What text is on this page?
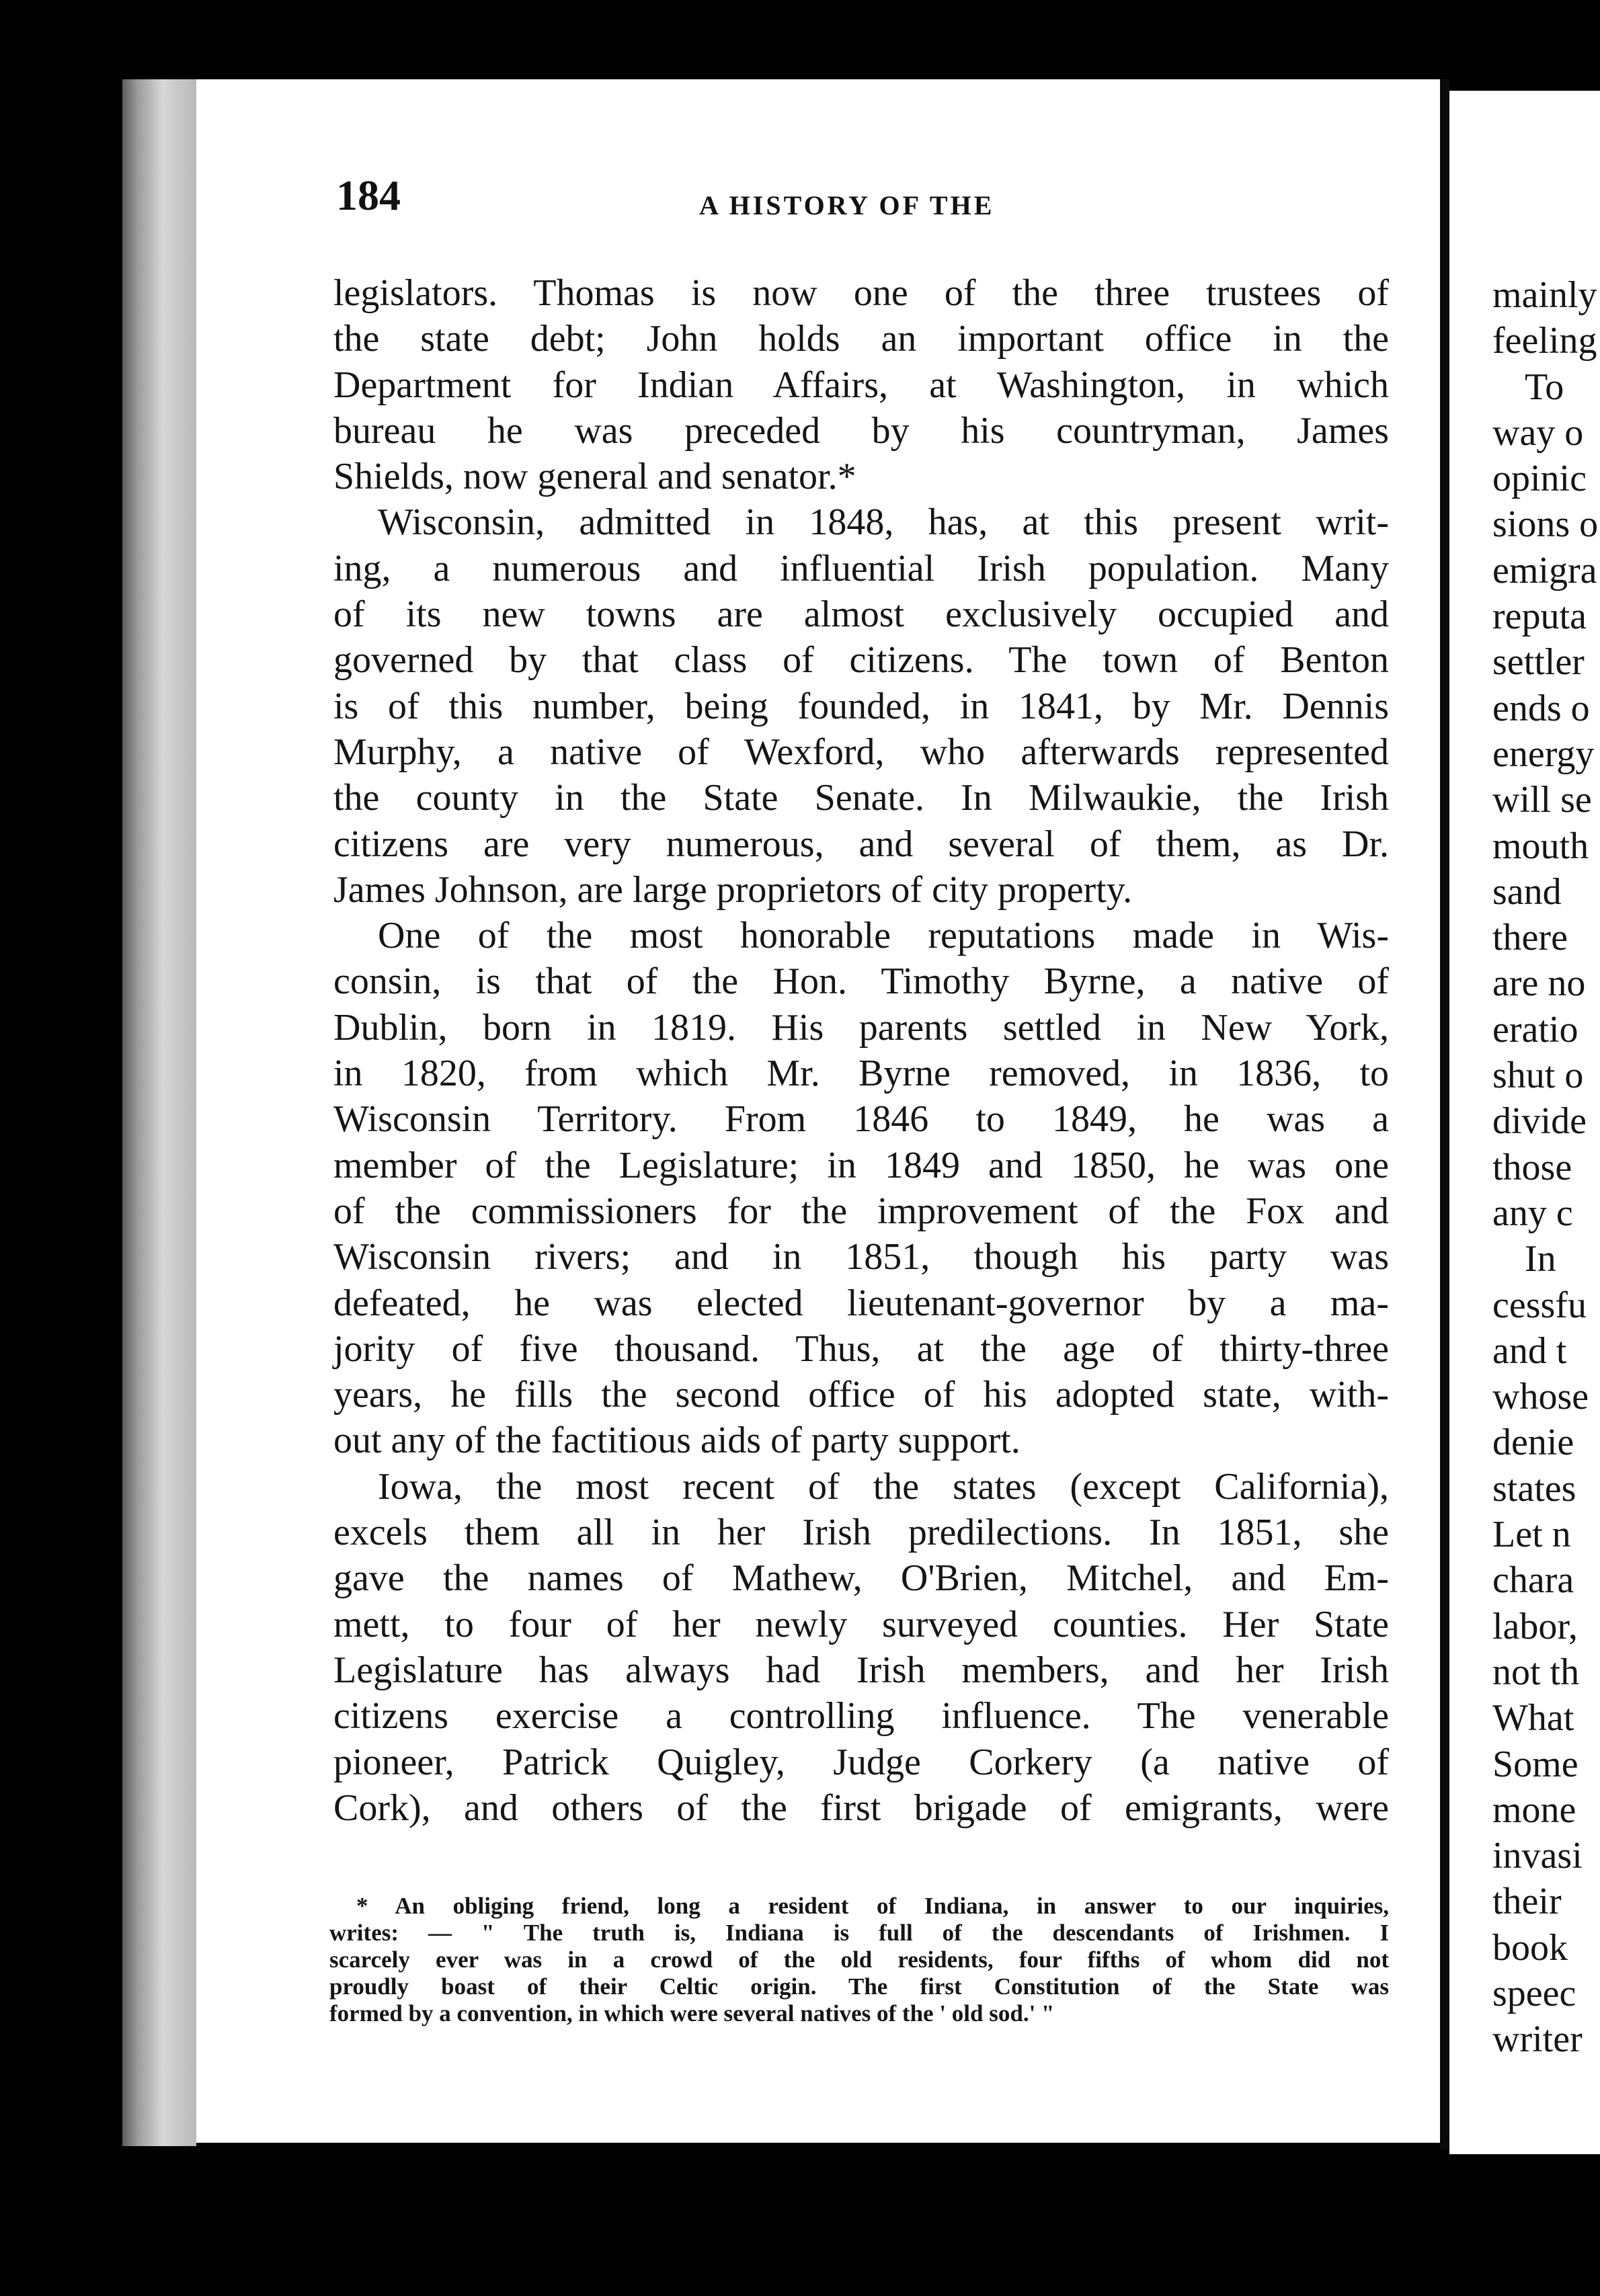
184	A HISTORY OF THE
legislators. Thomas is now one of the three trustees of
the state debt; John holds an important office in the
Department for Indian Affairs, at Washington, in which
bureau he was preceded by his countryman, James
Shields, now general and senator.*
Wisconsin, admitted in 1848, has, at this present writ-
ing, a numerous and influential Irish population. Many
of its new towns are almost exclusively occupied and
governed by that class of citizens. The town of Benton
is of this number, being founded, in 1841, by Mr. Dennis
Murphy, a native of Wexford, who afterwards represented
the county in the State Senate. In Milwaukie, the Irish
citizens are very numerous, and several of them, as Dr.
James Johnson, are large proprietors of city property.
One of the most honorable reputations made in Wis-
consin, is that of the Hon. Timothy Byrne, a native of
Dublin, born in 1819. His parents settled in New York,
in 1820, from which Mr. Byrne removed, in 1836, to
Wisconsin Territory. From 1846 to 1849, he was a
member of the Legislature; in 1849 and 1850, he was one
of the commissioners for the improvement of the Fox and
Wisconsin rivers; and in 1851, though his party was
defeated, he was elected lieutenant-governor by a ma-
jority of five thousand. Thus, at the age of thirty-three
years, he fills the second office of his adopted state, with-
out any of the factitious aids of party support.
Iowa, the most recent of the states (except California),
excels them all in her Irish predilections. In 1851, she
gave the names of Mathew, O'Brien, Mitchel, and Em-
mett, to four of her newly surveyed counties. Her State
Legislature has always had Irish members, and her Irish
citizens exercise a controlling influence. The venerable
pioneer, Patrick Quigley, Judge Corkery (a native of
Cork), and others of the first brigade of emigrants, were
* An obliging friend, long a resident of Indiana, in answer to our inquiries,
writes: — " The truth is, Indiana is full of the descendants of Irishmen. I
scarcely ever was in a crowd of the old residents, four fifths of whom did not
proudly boast of their Celtic origin. The first Constitution of the State was
formed by a convention, in which were several natives of the ' old sod.' "
mainly
feeling
To
way o
opinic
sions o
emigra
reputa
settler
ends o
energy
will se
mouth
sand
there
are no
eratio
shut o
divide
those
any c
In
cessfu
and t
whose
denie
states
Let n
chara
labor,
not th
What
Some
mone
invasi
their
book
speec
writer
